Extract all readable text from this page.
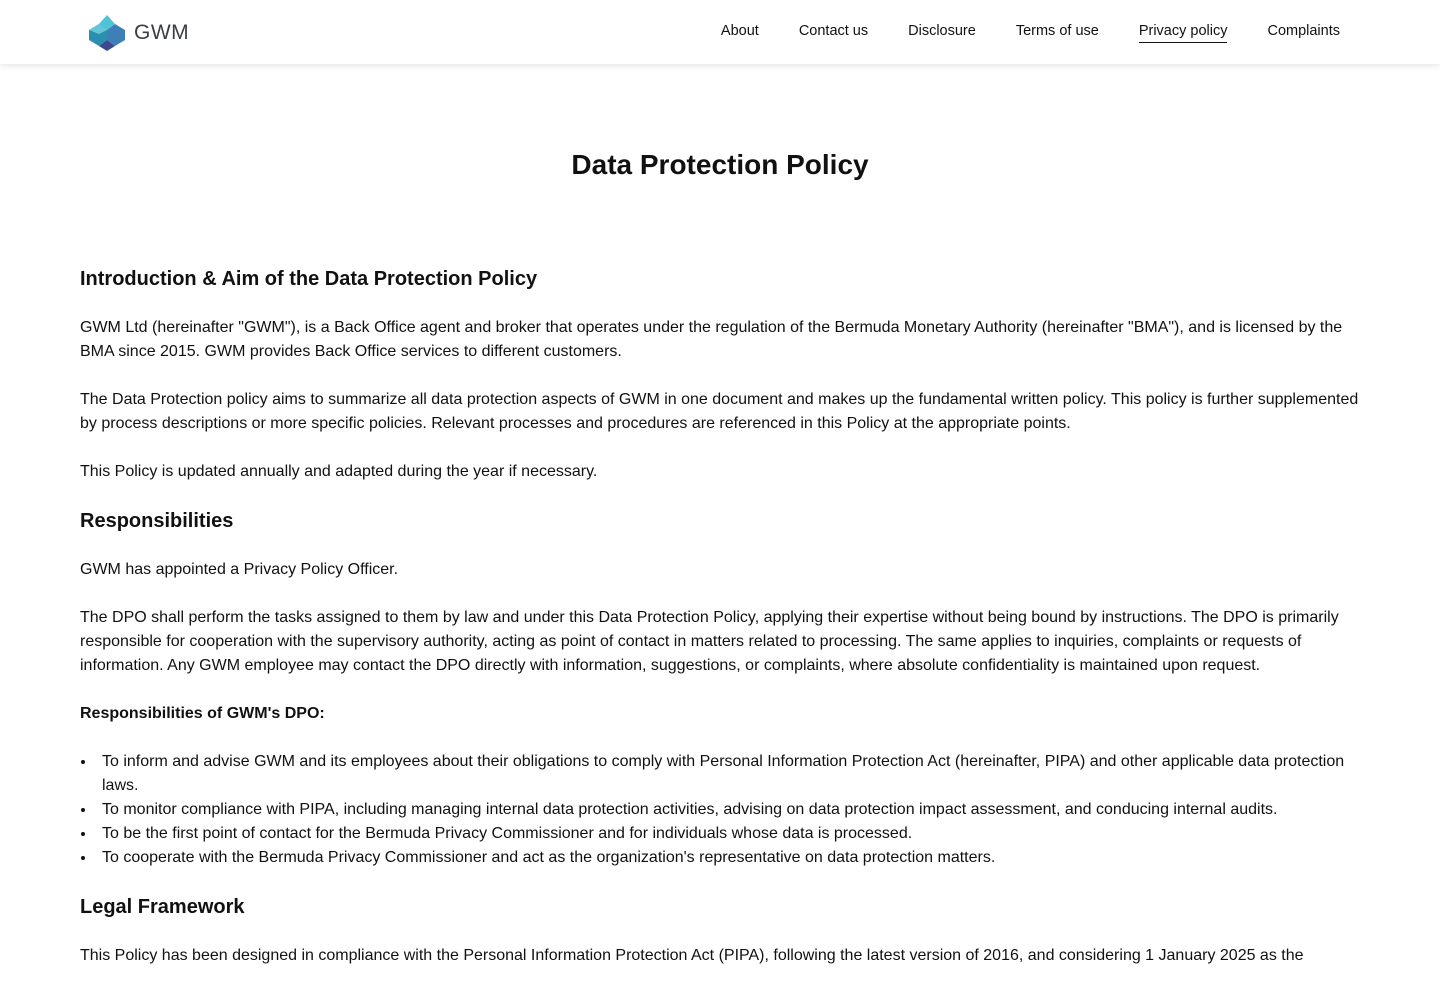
GWM	About	Contact us	Disclosure	Terms of use	Privacy policy	Complaints
Data Protection Policy
Introduction & Aim of the Data Protection Policy

GWM Ltd (hereinafter "GWM"), is a Back Office agent and broker that operates under the regulation of the Bermuda Monetary Authority (hereinafter "BMA"), and is licensed by the BMA since 2015. GWM provides Back Office services to different customers.

The Data Protection policy aims to summarize all data protection aspects of GWM in one document and makes up the fundamental written policy. This policy is further supplemented by process descriptions or more specific policies. Relevant processes and procedures are referenced in this Policy at the appropriate points.

This Policy is updated annually and adapted during the year if necessary.

Responsibilities

GWM has appointed a Privacy Policy Officer.

The DPO shall perform the tasks assigned to them by law and under this Data Protection Policy, applying their expertise without being bound by instructions. The DPO is primarily responsible for cooperation with the supervisory authority, acting as point of contact in matters related to processing. The same applies to inquiries, complaints or requests of information. Any GWM employee may contact the DPO directly with information, suggestions, or complaints, where absolute confidentiality is maintained upon request.

Responsibilities of GWM's DPO:

• To inform and advise GWM and its employees about their obligations to comply with Personal Information Protection Act (hereinafter, PIPA) and other applicable data protection laws.
• To monitor compliance with PIPA, including managing internal data protection activities, advising on data protection impact assessment, and conducing internal audits.
• To be the first point of contact for the Bermuda Privacy Commissioner and for individuals whose data is processed.
• To cooperate with the Bermuda Privacy Commissioner and act as the organization's representative on data protection matters.
Legal Framework

This Policy has been designed in compliance with the Personal Information Protection Act (PIPA), following the latest version of 2016, and considering 1 January 2025 as the
